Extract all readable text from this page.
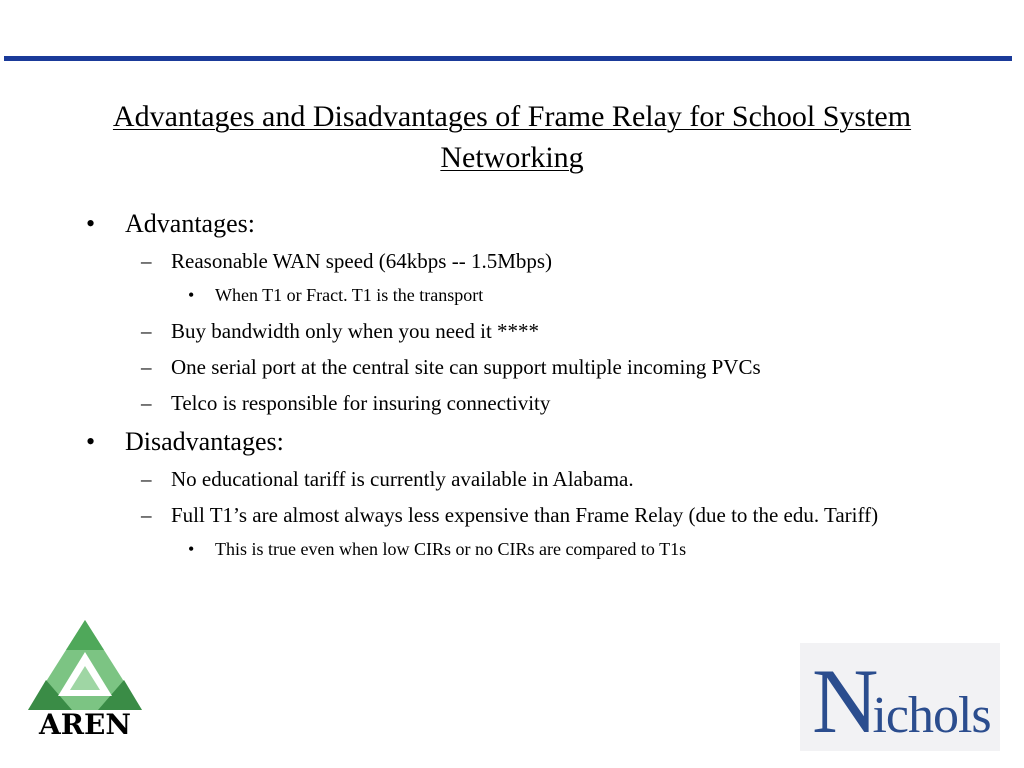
Advantages and Disadvantages of Frame Relay for School System Networking
• Advantages:
– Reasonable WAN speed (64kbps -- 1.5Mbps)
• When T1 or Fract. T1 is the transport
– Buy bandwidth only when you need it ****
– One serial port at the central site can support multiple incoming PVCs
– Telco is responsible for insuring connectivity
• Disadvantages:
– No educational tariff is currently available in Alabama.
– Full T1’s are almost always less expensive than Frame Relay (due to the edu. Tariff)
• This is true even when low CIRs or no CIRs are compared to T1s
AREN	Nichols
